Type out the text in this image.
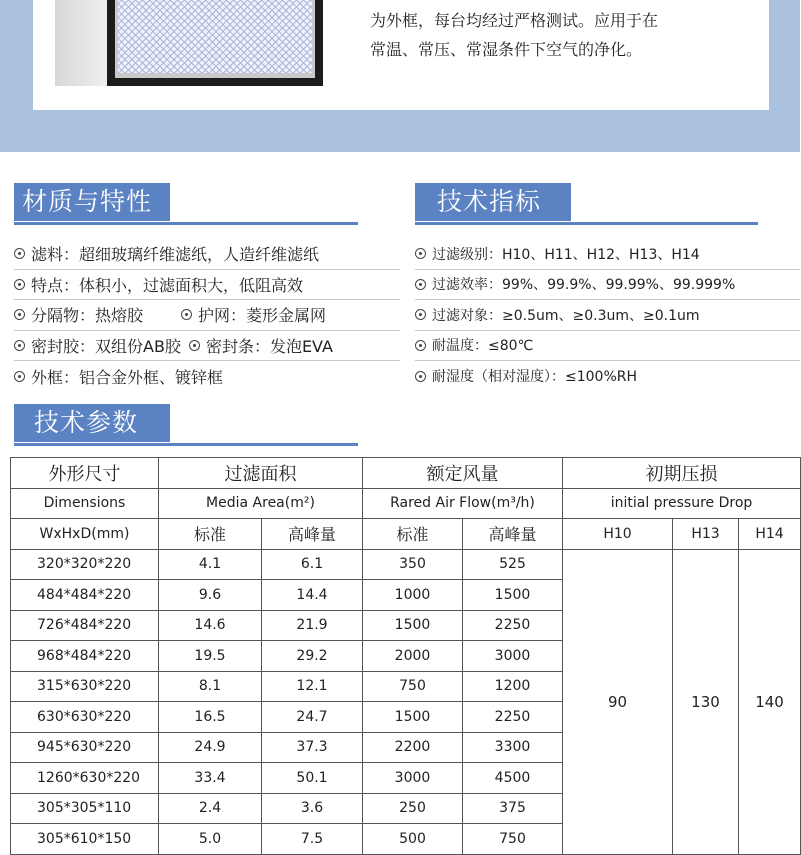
为外框，每台均经过严格测试。应用于在
常温、常压、常湿条件下空气的净化。
材质与特性
滤料：超细玻璃纤维滤纸，人造纤维滤纸
特点：体积小，过滤面积大，低阻高效
分隔物：热熔胶	护网：菱形金属网
密封胶：双组份AB胶 密封条：发泡EVA
外框：铝合金外框、镀锌框
技术指标
过滤级别：H10、H11、H12、H13、H14
过滤效率：99%、99.9%、99.99%、99.999%
过滤对象：≥0.5um、≥0.3um、≥0.1um
耐温度：≤80℃
耐湿度（相对湿度）：≤100%RH
技术参数
外形尺寸	过滤面积		额定风量		初期压损		
Dimensions	Media Area(m²)		Rared Air Flow(m³/h)		initial pressure Drop		
WxHxD(mm)	标准	高峰量	标准	高峰量	H10	H13	H14
320*320*220	4.1	6.1	350	525	90	130	140
484*484*220	9.6	14.4	1000	1500			
726*484*220	14.6	21.9	1500	2250			
968*484*220	19.5	29.2	2000	3000			
315*630*220	8.1	12.1	750	1200			
630*630*220	16.5	24.7	1500	2250			
945*630*220	24.9	37.3	2200	3300			
1260*630*220	33.4	50.1	3000	4500			
305*305*110	2.4	3.6	250	375			
305*610*150	5.0	7.5	500	750			
